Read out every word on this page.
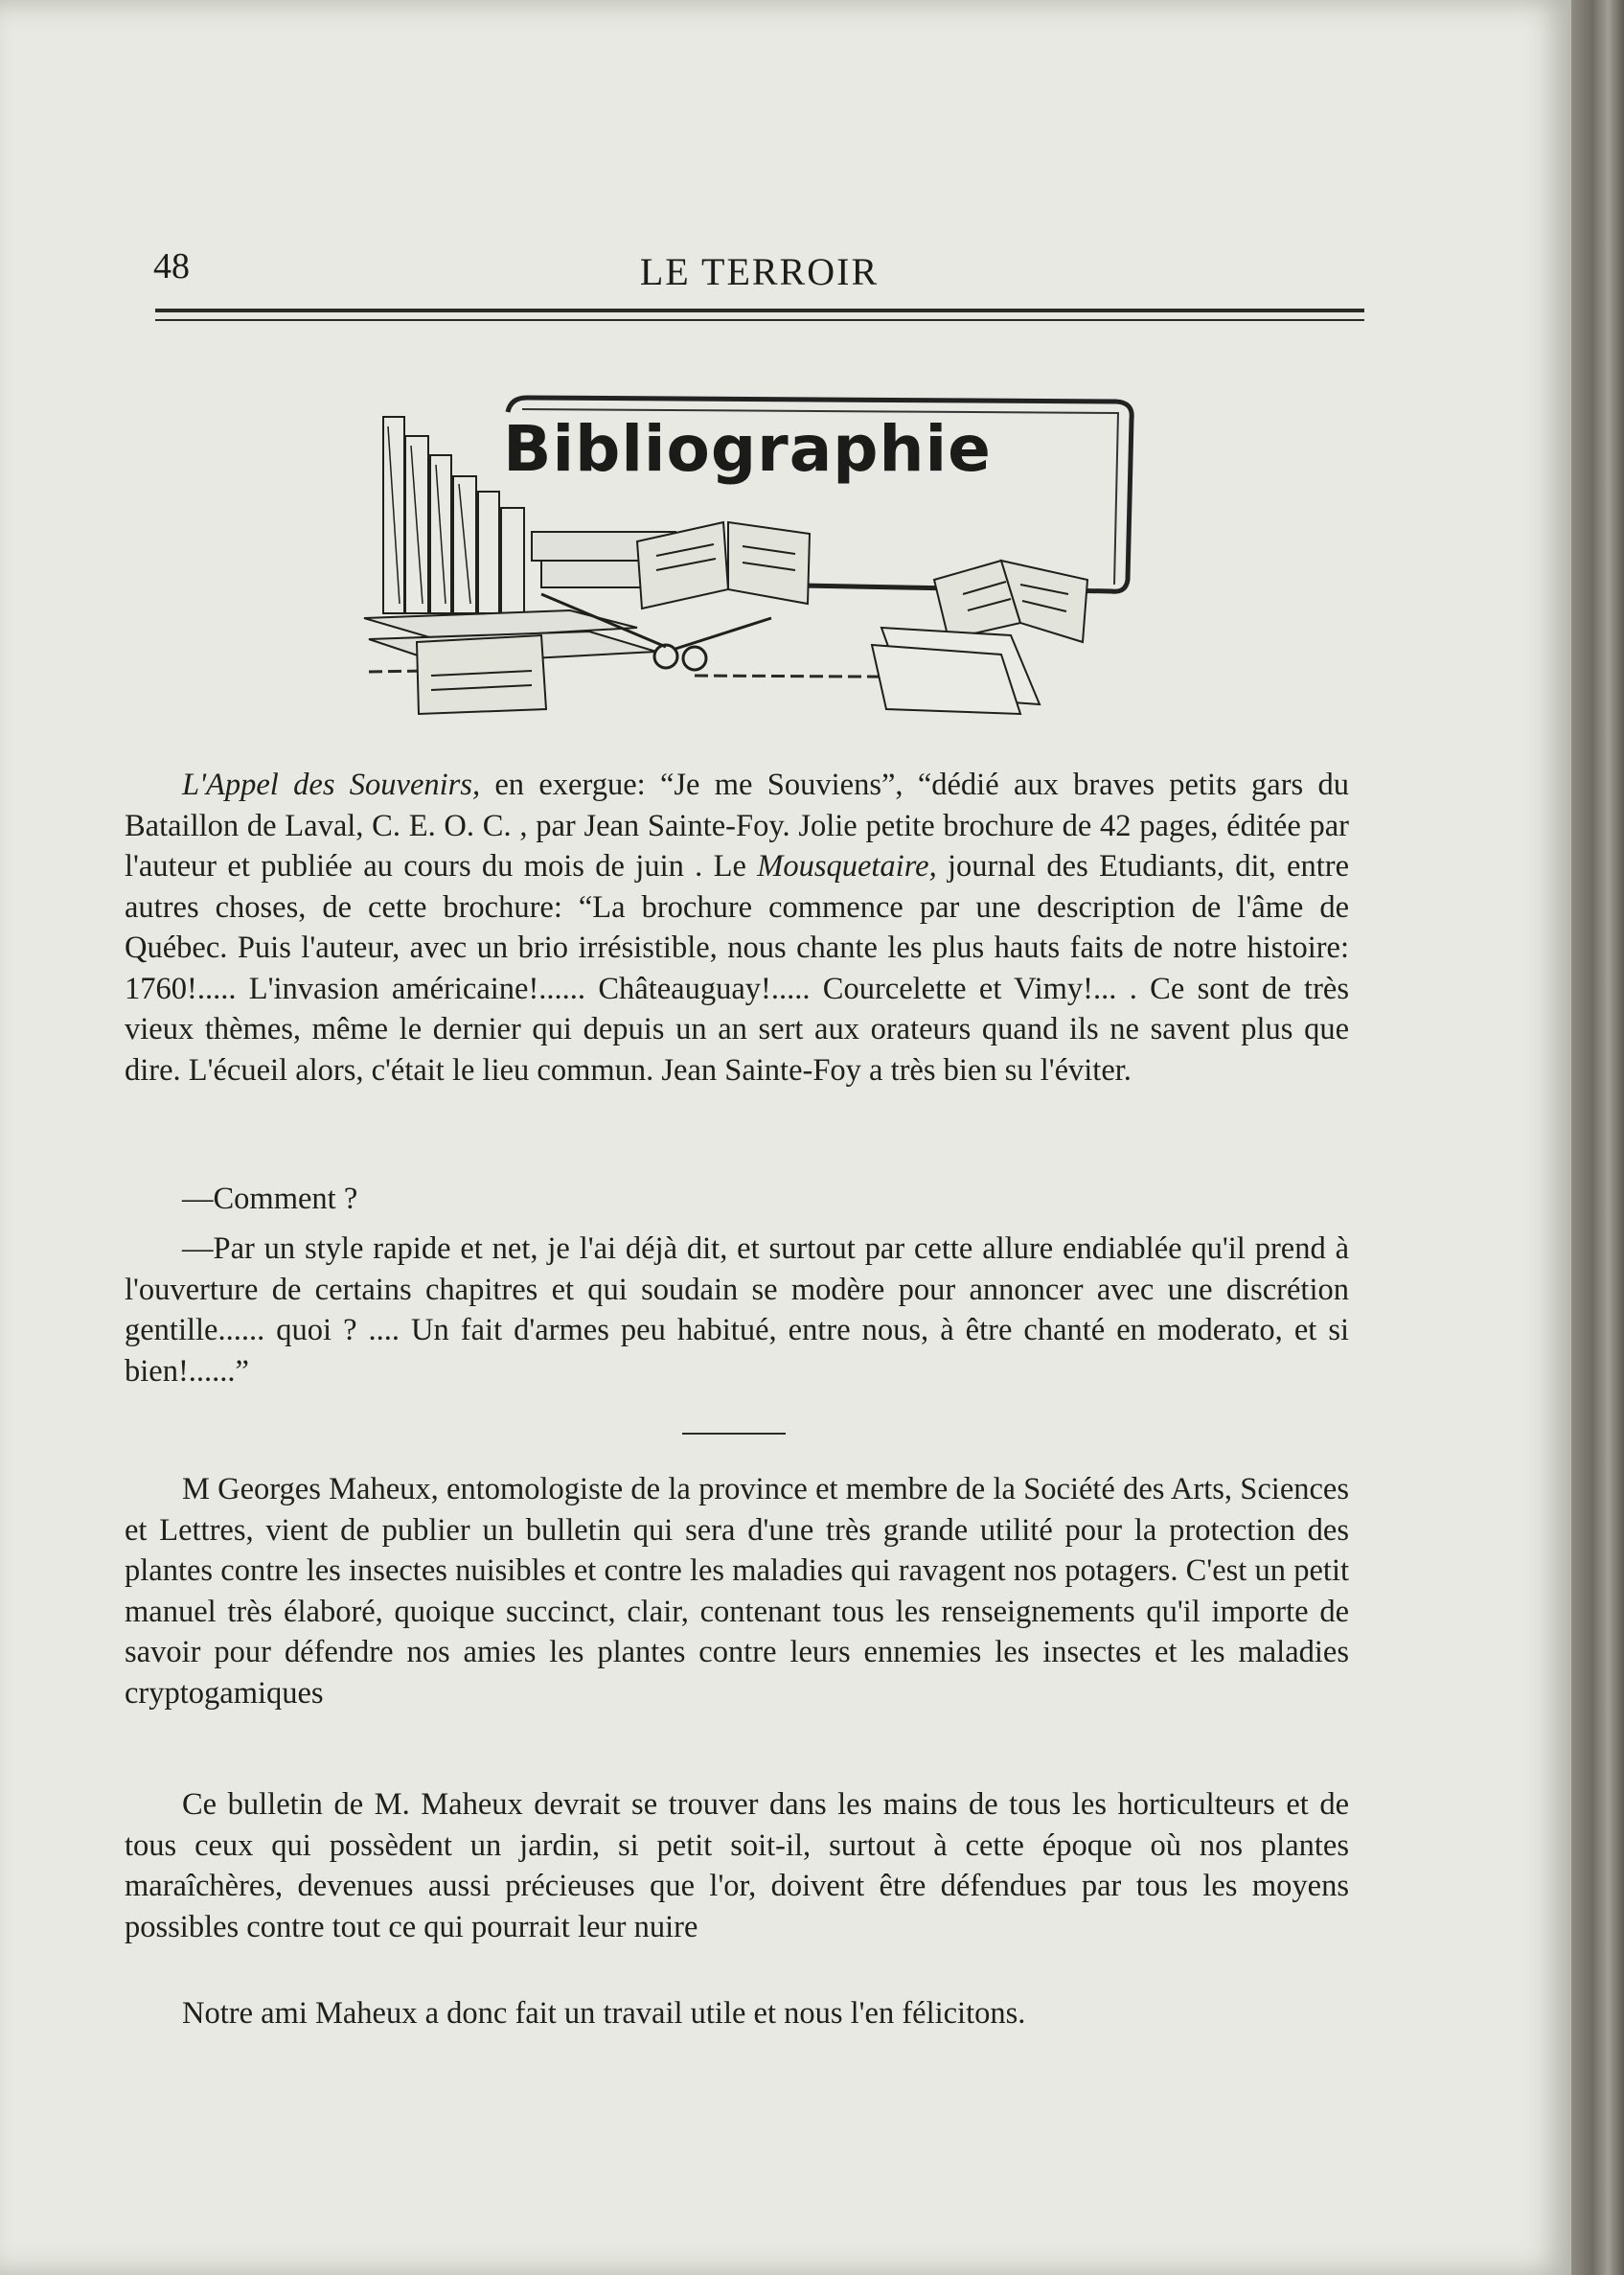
48	LE TERROIR
Bibliographie

L'Appel des Souvenirs, en exergue: “Je me Souviens”, “dédié aux braves petits gars du Bataillon de Laval, C. E. O. C. , par Jean Sainte-Foy. Jolie petite brochure de 42 pages, éditée par l'auteur et publiée au cours du mois de juin . Le Mousquetaire, journal des Etudiants, dit, entre autres choses, de cette brochure: “La brochure commence par une description de l'âme de Québec. Puis l'auteur, avec un brio irrésistible, nous chante les plus hauts faits de notre histoire: 1760!..... L'invasion américaine!...... Châteauguay!..... Courcelette et Vimy!... . Ce sont de très vieux thèmes, même le dernier qui depuis un an sert aux orateurs quand ils ne savent plus que dire. L'écueil alors, c'était le lieu commun. Jean Sainte-Foy a très bien su l'éviter.

—Comment ?

—Par un style rapide et net, je l'ai déjà dit, et surtout par cette allure endiablée qu'il prend à l'ouverture de certains chapitres et qui soudain se modère pour annoncer avec une discrétion gentille...... quoi ? .... Un fait d'armes peu habitué, entre nous, à être chanté en moderato, et si bien!......”

M Georges Maheux, entomologiste de la province et membre de la Société des Arts, Sciences et Lettres, vient de publier un bulletin qui sera d'une très grande utilité pour la protection des plantes contre les insectes nuisibles et contre les maladies qui ravagent nos potagers. C'est un petit manuel très élaboré, quoique succinct, clair, contenant tous les renseignements qu'il importe de savoir pour défendre nos amies les plantes contre leurs ennemies les insectes et les maladies cryptogamiques

Ce bulletin de M. Maheux devrait se trouver dans les mains de tous les horticulteurs et de tous ceux qui possèdent un jardin, si petit soit-il, surtout à cette époque où nos plantes maraîchères, devenues aussi précieuses que l'or, doivent être défendues par tous les moyens possibles contre tout ce qui pourrait leur nuire

Notre ami Maheux a donc fait un travail utile et nous l'en félicitons.
